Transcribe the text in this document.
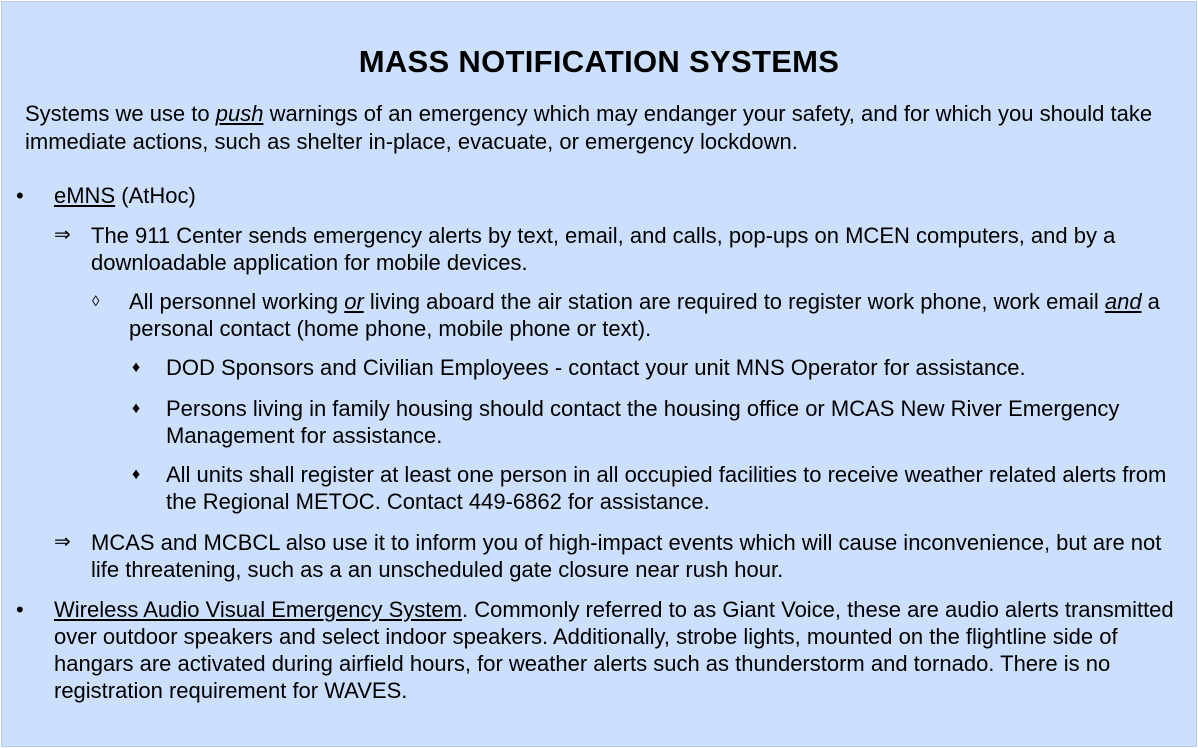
MASS NOTIFICATION SYSTEMS
Systems we use to push warnings of an emergency which may endanger your safety, and for which you should take immediate actions, such as shelter in-place, evacuate, or emergency lockdown.
• eMNS (AtHoc)
⇒ The 911 Center sends emergency alerts by text, email, and calls, pop-ups on MCEN computers, and by a downloadable application for mobile devices.
◊ All personnel working or living aboard the air station are required to register work phone, work email and a personal contact (home phone, mobile phone or text).
♦ DOD Sponsors and Civilian Employees - contact your unit MNS Operator for assistance.
♦ Persons living in family housing should contact the housing office or MCAS New River Emergency Management for assistance.
♦ All units shall register at least one person in all occupied facilities to receive weather related alerts from the Regional METOC. Contact 449-6862 for assistance.
⇒ MCAS and MCBCL also use it to inform you of high-impact events which will cause inconvenience, but are not life threatening, such as a an unscheduled gate closure near rush hour.
• Wireless Audio Visual Emergency System. Commonly referred to as Giant Voice, these are audio alerts transmitted over outdoor speakers and select indoor speakers. Additionally, strobe lights, mounted on the flightline side of hangars are activated during airfield hours, for weather alerts such as thunderstorm and tornado. There is no registration requirement for WAVES.
